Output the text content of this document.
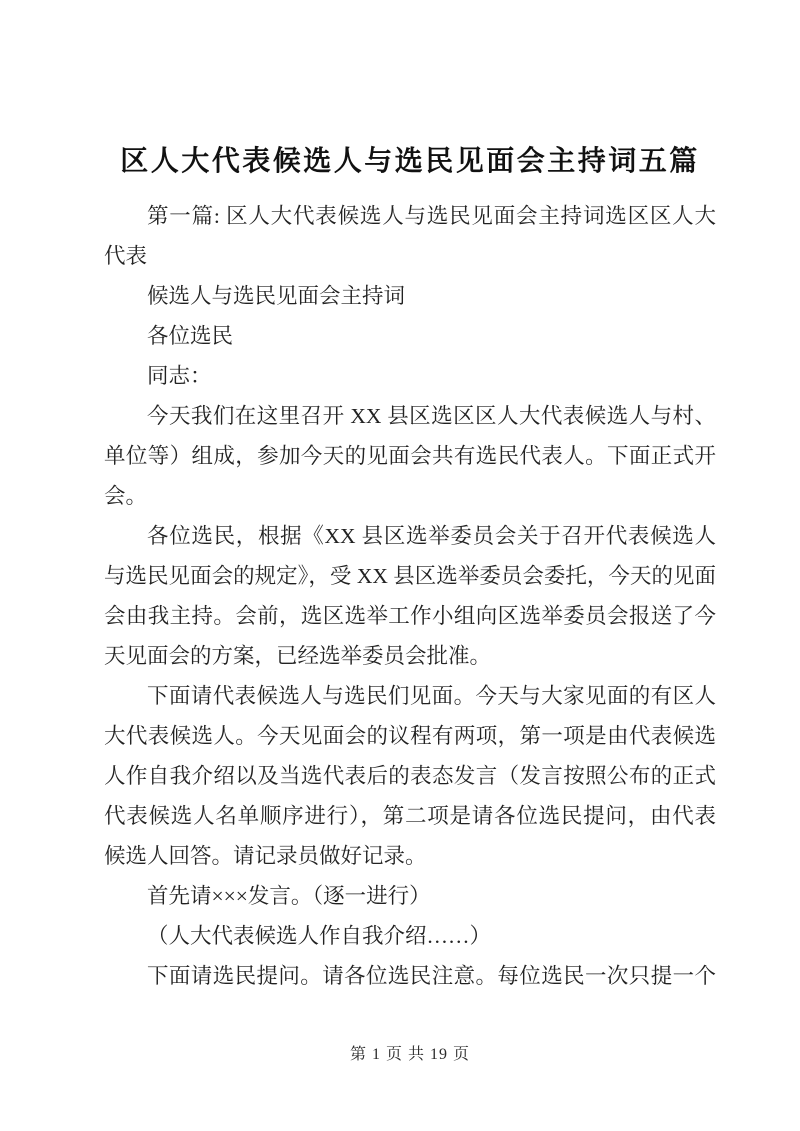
区人大代表候选人与选民见面会主持词五篇
第一篇: 区人大代表候选人与选民见面会主持词选区区人大
代表
候选人与选民见面会主持词
各位选民
同志：
今天我们在这里召开 XX 县区选区区人大代表候选人与村、
单位等）组成，参加今天的见面会共有选民代表人。下面正式开
会。
各位选民，根据《XX 县区选举委员会关于召开代表候选人
与选民见面会的规定》，受 XX 县区选举委员会委托，今天的见面
会由我主持。会前，选区选举工作小组向区选举委员会报送了今
天见面会的方案，已经选举委员会批准。
下面请代表候选人与选民们见面。今天与大家见面的有区人
大代表候选人。今天见面会的议程有两项，第一项是由代表候选
人作自我介绍以及当选代表后的表态发言（发言按照公布的正式
代表候选人名单顺序进行），第二项是请各位选民提问，由代表
候选人回答。请记录员做好记录。
首先请×××发言。（逐一进行）
（人大代表候选人作自我介绍……）
下面请选民提问。请各位选民注意。每位选民一次只提一个
第 1 页 共 19 页
